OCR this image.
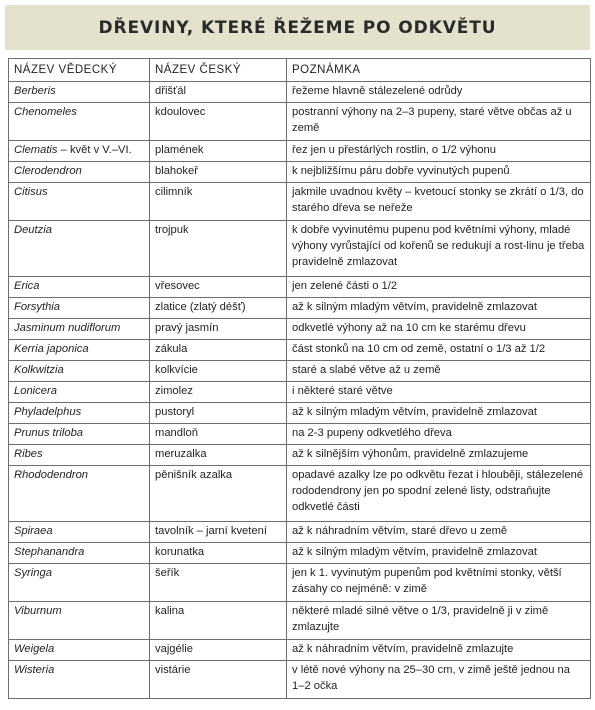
DŘEVINY, KTERÉ ŘEŽEME PO ODKVĚTU
NÁZEV VĚDECKÝ	NÁZEV ČESKÝ	POZNÁMKA
Berberis	dřišťál	řežeme hlavně stálezelené odrůdy
Chenomeles	kdoulovec	postranní výhony na 2–3 pupeny, staré větve občas až u země
Clematis – květ v V.–VI.	plamének	řez jen u přestárlých rostlin, o 1/2 výhonu
Clerodendron	blahokeř	k nejbližšímu páru dobře vyvinutých pupenů
Citisus	cilimník	jakmile uvadnou květy – kvetoucí stonky se zkrátí o 1/3, do starého dřeva se neřeže
Deutzia	trojpuk	k dobře vyvinutému pupenu pod květními výhony, mladé výhony vyrůstající od kořenů se redukují a rost-linu je třeba pravidelně zmlazovat
Erica	vřesovec	jen zelené části o 1/2
Forsythia	zlatice (zlatý déšť)	až k silným mladým větvím, pravidelně zmlazovat
Jasminum nudiflorum	pravý jasmín	odkvetlé výhony až na 10 cm ke starému dřevu
Kerria japonica	zákula	část stonků na 10 cm od země, ostatní o 1/3 až 1/2
Kolkwitzia	kolkvície	staré a slabé větve až u země
Lonicera	zimolez	i některé staré větve
Phyladelphus	pustoryl	až k silným mladým větvím, pravidelně zmlazovat
Prunus triloba	mandloň	na 2-3 pupeny odkvetlého dřeva
Ribes	meruzalka	až k silnějším výhonům, pravidelně zmlazujeme
Rhododendron	pěnišník azalka	opadavé azalky lze po odkvětu řezat i hlouběji, stálezelené rododendrony jen po spodní zelené listy, odstraňujte odkvetlé části
Spiraea	tavolník – jarní kvetení	až k náhradním větvím, staré dřevo u země
Stephanandra	korunatka	až k silným mladým větvím, pravidelně zmlazovat
Syringa	šeřík	jen k 1. vyvinutým pupenům pod květními stonky, větší zásahy co nejméně: v zimě
Viburnum	kalina	některé mladé silné větve o 1/3, pravidelně ji v zimě zmlazujte
Weigela	vajgélie	až k náhradním větvím, pravidelně zmlazujte
Wisteria	vistárie	v létě nové výhony na 25–30 cm, v zimě ještě jednou na 1–2 očka
